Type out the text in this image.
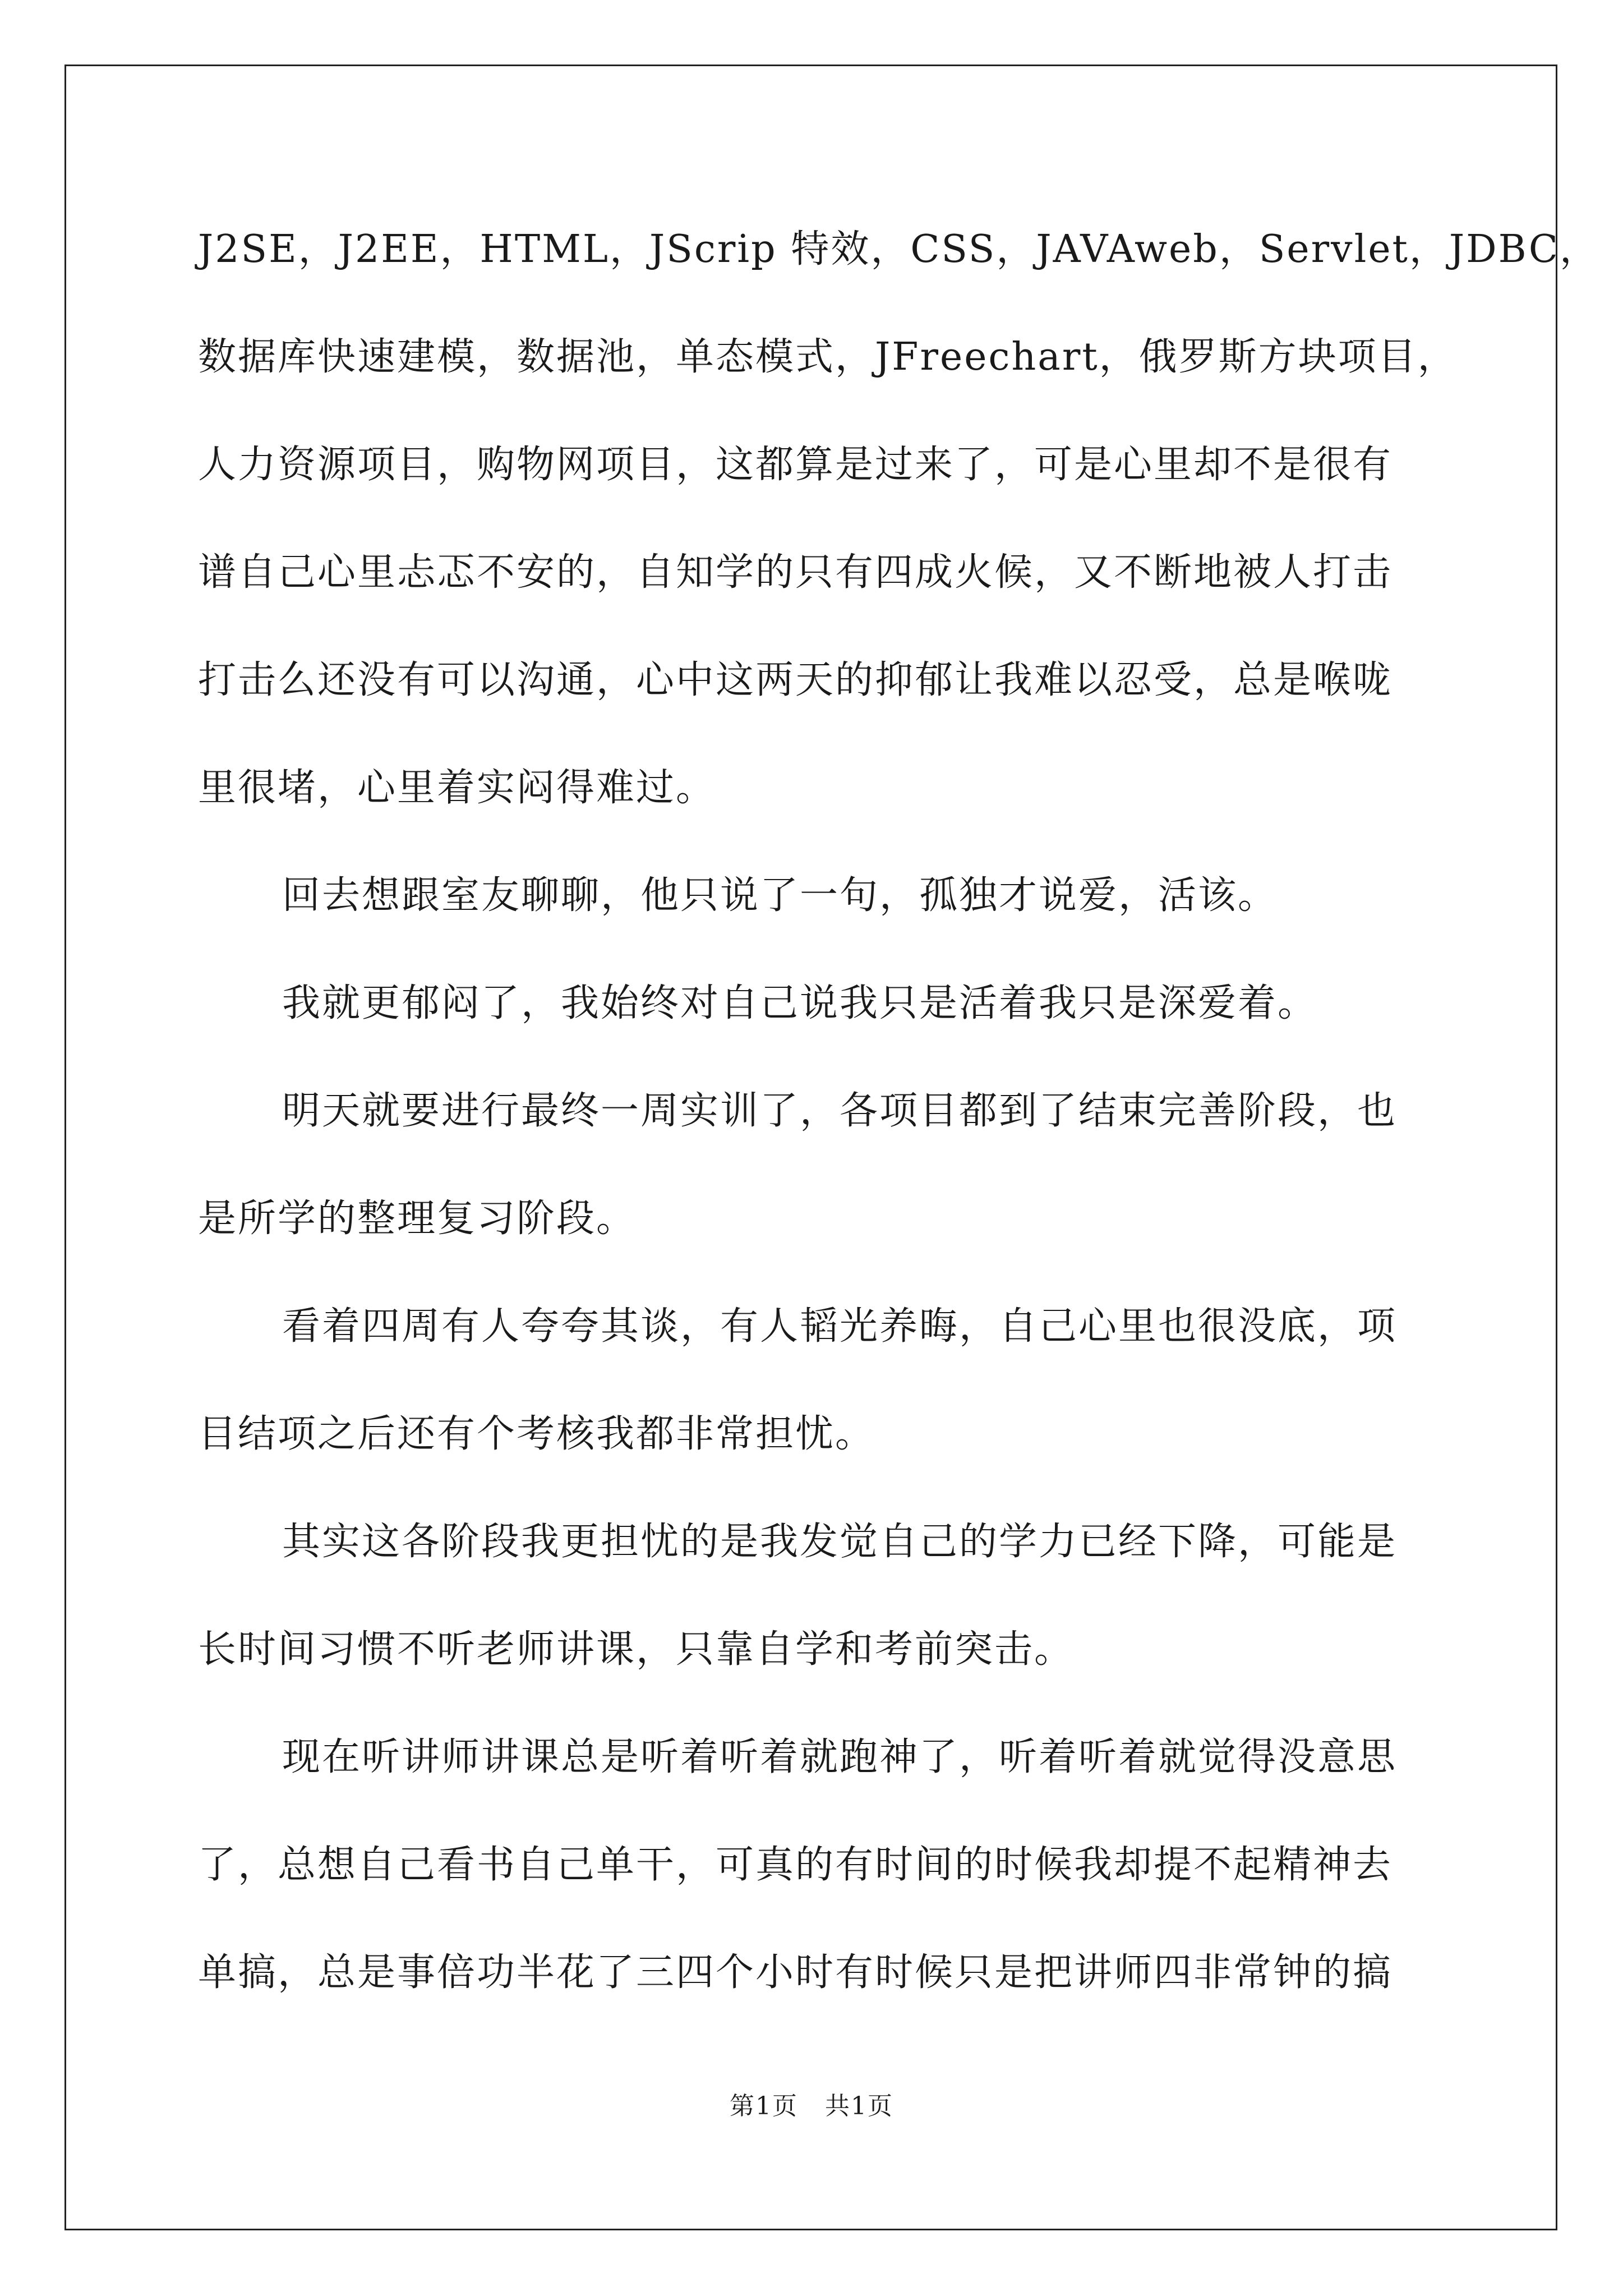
J2SE，J2EE，HTML，JScrip 特效，CSS，JAVAweb，Servlet，JDBC，
数据库快速建模，数据池，单态模式，JFreechart，俄罗斯方块项目，
人力资源项目，购物网项目，这都算是过来了，可是心里却不是很有
谱自己心里忐忑不安的，自知学的只有四成火候，又不断地被人打击
打击么还没有可以沟通，心中这两天的抑郁让我难以忍受，总是喉咙
里很堵，心里着实闷得难过。
回去想跟室友聊聊，他只说了一句，孤独才说爱，活该。
我就更郁闷了，我始终对自己说我只是活着我只是深爱着。
明天就要进行最终一周实训了，各项目都到了结束完善阶段，也
是所学的整理复习阶段。
看着四周有人夸夸其谈，有人韬光养晦，自己心里也很没底，项
目结项之后还有个考核我都非常担忧。
其实这各阶段我更担忧的是我发觉自己的学力已经下降，可能是
长时间习惯不听老师讲课，只靠自学和考前突击。
现在听讲师讲课总是听着听着就跑神了，听着听着就觉得没意思
了，总想自己看书自己单干，可真的有时间的时候我却提不起精神去
单搞，总是事倍功半花了三四个小时有时候只是把讲师四非常钟的搞
第1页   共1页
